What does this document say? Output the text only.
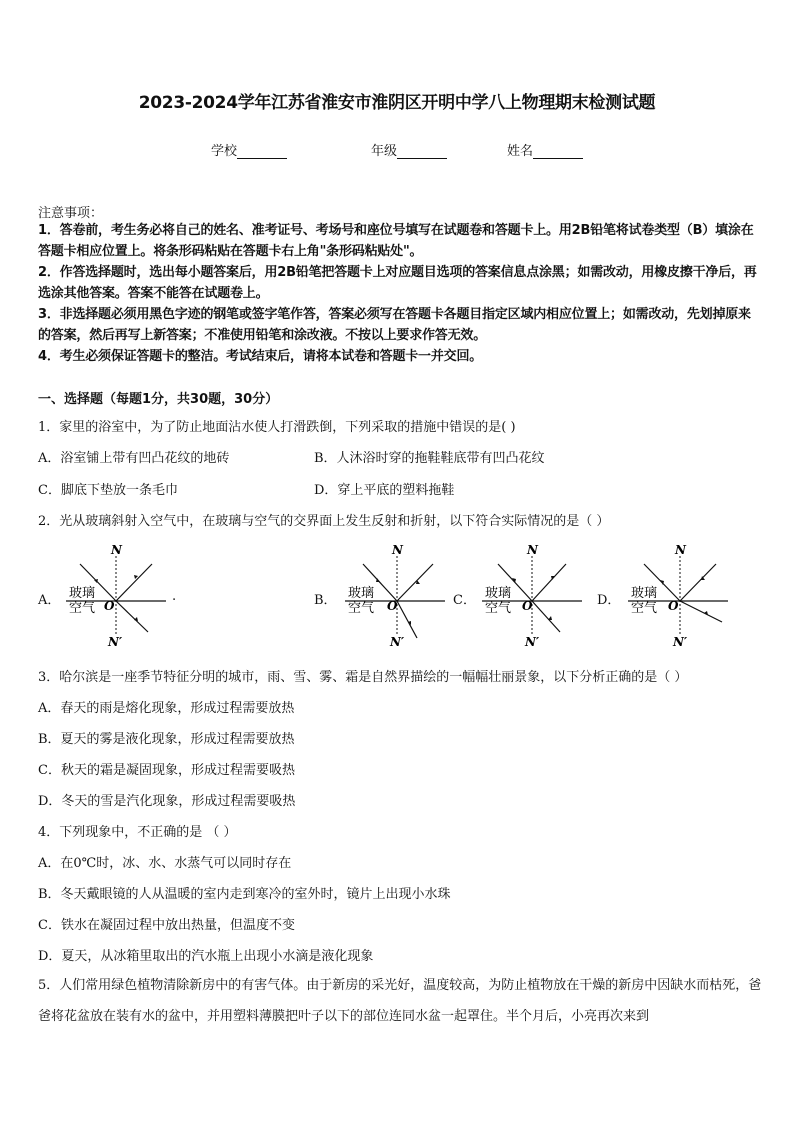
2023-2024学年江苏省淮安市淮阴区开明中学八上物理期末检测试题
学校	年级	姓名
注意事项：
1．答卷前，考生务必将自己的姓名、准考证号、考场号和座位号填写在试题卷和答题卡上。用2B铅笔将试卷类型（B）填涂在答题卡相应位置上。将条形码粘贴在答题卡右上角"条形码粘贴处"。
2．作答选择题时，选出每小题答案后，用2B铅笔把答题卡上对应题目选项的答案信息点涂黑；如需改动，用橡皮擦干净后，再选涂其他答案。答案不能答在试题卷上。
3．非选择题必须用黑色字迹的钢笔或签字笔作答，答案必须写在答题卡各题目指定区域内相应位置上；如需改动，先划掉原来的答案，然后再写上新答案；不准使用铅笔和涂改液。不按以上要求作答无效。
4．考生必须保证答题卡的整洁。考试结束后，请将本试卷和答题卡一并交回。
一、选择题（每题1分，共30题，30分）
1．家里的浴室中，为了防止地面沾水使人打滑跌倒，下列采取的措施中错误的是( )
A．浴室铺上带有凹凸花纹的地砖	B．人沐浴时穿的拖鞋鞋底带有凹凸花纹
C．脚底下垫放一条毛巾	D．穿上平底的塑料拖鞋
2．光从玻璃斜射入空气中，在玻璃与空气的交界面上发生反射和折射，以下符合实际情况的是（ ）
A．	.	B．	C．	D．
N
N′
O
玻璃
空气
N
N′
O
玻璃
空气
N
N′
O
玻璃
空气
N
N′
O
玻璃
空气
3．哈尔滨是一座季节特征分明的城市，雨、雪、雾、霜是自然界描绘的一幅幅壮丽景象，以下分析正确的是（ ）
A．春天的雨是熔化现象，形成过程需要放热
B．夏天的雾是液化现象，形成过程需要放热
C．秋天的霜是凝固现象，形成过程需要吸热
D．冬天的雪是汽化现象，形成过程需要吸热
4．下列现象中，不正确的是 （ ）
A．在0℃时，冰、水、水蒸气可以同时存在
B．冬天戴眼镜的人从温暖的室内走到寒冷的室外时，镜片上出现小水珠
C．铁水在凝固过程中放出热量，但温度不变
D．夏天，从冰箱里取出的汽水瓶上出现小水滴是液化现象
5．人们常用绿色植物清除新房中的有害气体。由于新房的采光好，温度较高，为防止植物放在干燥的新房中因缺水而枯死，爸爸将花盆放在装有水的盆中，并用塑料薄膜把叶子以下的部位连同水盆一起罩住。半个月后，小亮再次来到
